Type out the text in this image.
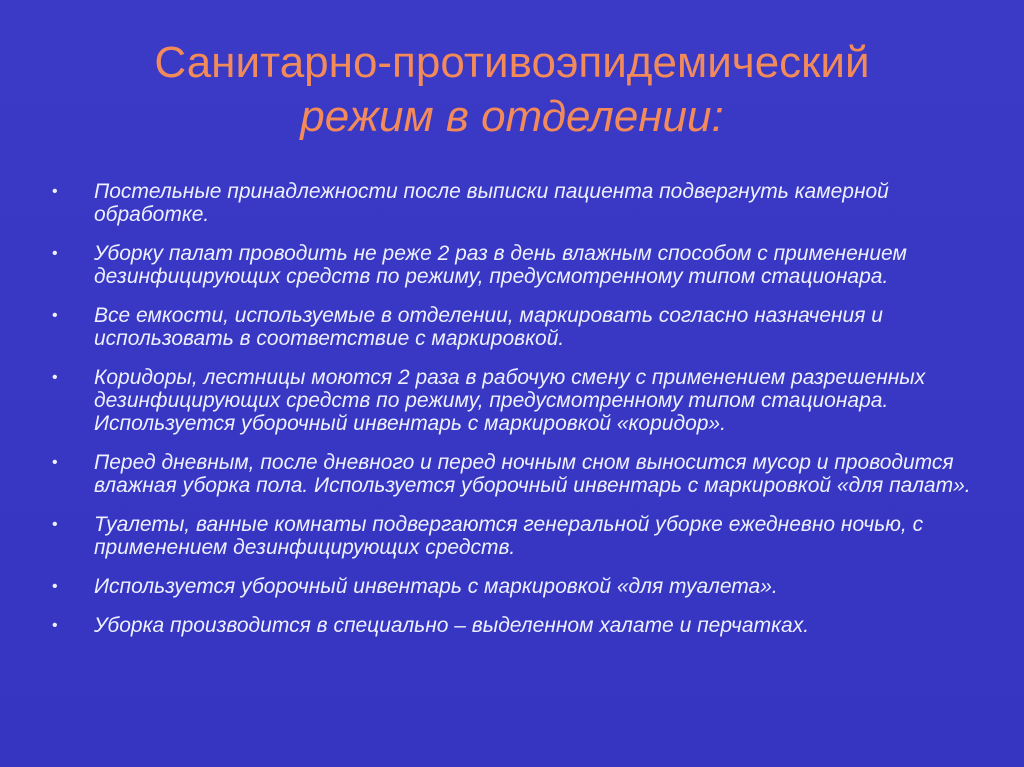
Санитарно-противоэпидемический
режим в отделении:
• Постельные принадлежности после выписки пациента подвергнуть камерной обработке.
• Уборку палат проводить не реже 2 раз в день влажным способом с применением дезинфицирующих средств по режиму, предусмотренному типом стационара.
• Все емкости, используемые в отделении, маркировать согласно назначения и использовать в соответствие с маркировкой.
• Коридоры, лестницы моются 2 раза в рабочую смену с применением разрешенных дезинфицирующих средств по режиму, предусмотренному типом стационара. Используется уборочный инвентарь с маркировкой «коридор».
• Перед дневным, после дневного и перед ночным сном выносится мусор и проводится влажная уборка пола. Используется уборочный инвентарь с маркировкой «для палат».
• Туалеты, ванные комнаты подвергаются генеральной уборке ежедневно ночью, с применением дезинфицирующих средств.
• Используется уборочный инвентарь с маркировкой «для туалета».
• Уборка производится в специально – выделенном халате и перчатках.
